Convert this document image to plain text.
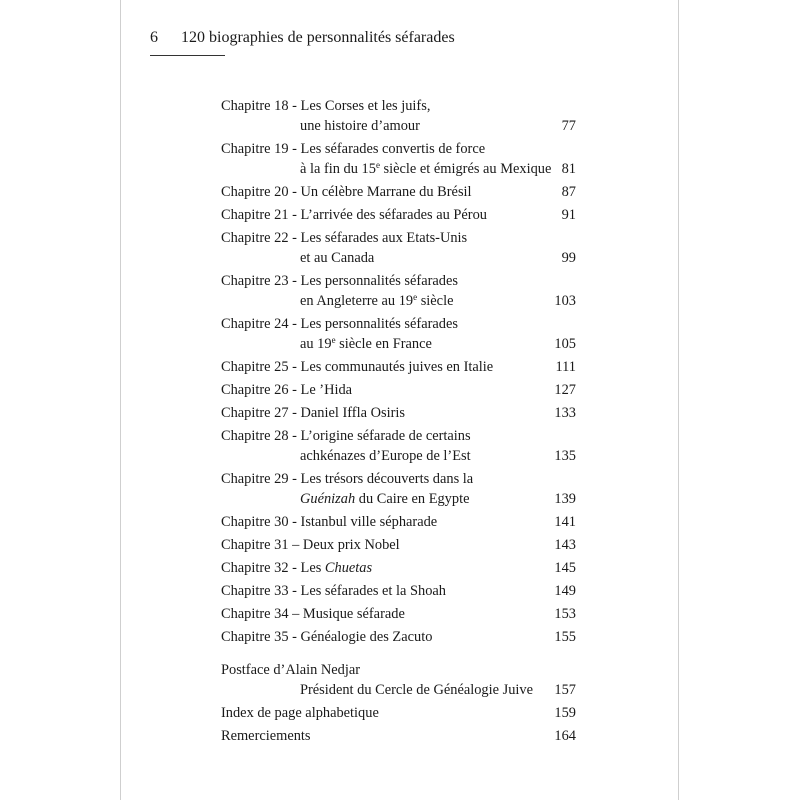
6	120 biographies de personnalités séfarades
Chapitre 18 - Les Corses et les juifs,
une histoire d’amour	77
Chapitre 19 - Les séfarades convertis de force
à la fin du 15e siècle et émigrés au Mexique 81
Chapitre 20 - Un célèbre Marrane du Brésil	87
Chapitre 21 - L’arrivée des séfarades au Pérou	91
Chapitre 22 - Les séfarades aux Etats-Unis
et au Canada	99
Chapitre 23 - Les personnalités séfarades
en Angleterre au 19e siècle	103
Chapitre 24 - Les personnalités séfarades
au 19e siècle en France	105
Chapitre 25 - Les communautés juives en Italie	111
Chapitre 26 - Le ’Hida	127
Chapitre 27 - Daniel Iffla Osiris	133
Chapitre 28 - L’origine séfarade de certains
achkénazes d’Europe de l’Est	135
Chapitre 29 - Les trésors découverts dans la
Guénizah du Caire en Egypte	139
Chapitre 30 - Istanbul ville sépharade	141
Chapitre 31 – Deux prix Nobel	143
Chapitre 32 - Les Chuetas	145
Chapitre 33 - Les séfarades et la Shoah	149
Chapitre 34 – Musique séfarade	153
Chapitre 35 - Généalogie des Zacuto	155
Postface d’Alain Nedjar
Président du Cercle de Généalogie Juive 157
Index de page alphabetique	159
Remerciements	164
